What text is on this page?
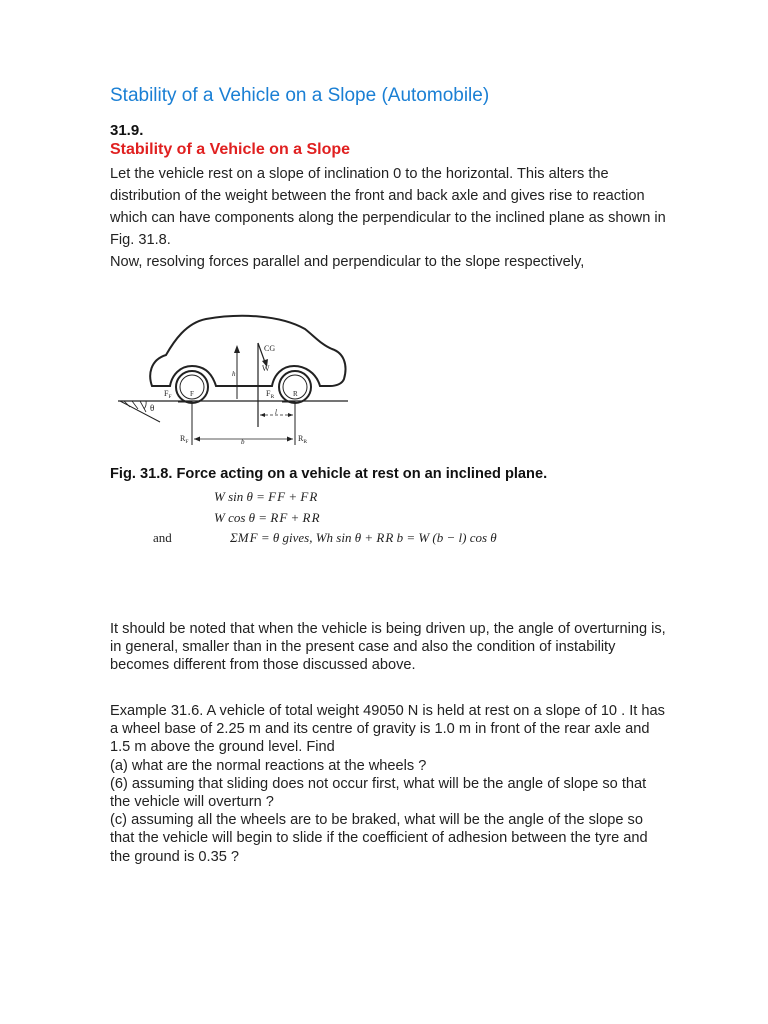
Stability of a Vehicle on a Slope (Automobile)
31.9.
Stability of a Vehicle on a Slope

Let the vehicle rest on a slope of inclination 0 to the horizontal. This alters the distribution of the weight between the front and back axle and gives rise to reaction which can have components along the perpendicular to the inclined plane as shown in Fig. 31.8.

Now, resolving forces parallel and perpendicular to the slope respectively,

CG
W
h
$F_F$	F	$F_R$	R
θ	l
$R_F$	b	$R_R$
Fig. 31.8. Force acting on a vehicle at rest on an inclined plane.
W sin θ = F F + F R
W cos θ = R F + R R
and	ΣM F = θ gives, Wh sin θ + R R b = W (b − l) cos θ

It should be noted that when the vehicle is being driven up, the angle of overturning is, in general, smaller than in the present case and also the condition of instability becomes different from those discussed above.

Example 31.6. A vehicle of total weight 49050 N is held at rest on a slope of 10 . It has a wheel base of 2.25 m and its centre of gravity is 1.0 m in front of the rear axle and 1.5 m above the ground level. Find

(a) what are the normal reactions at the wheels ?

(6) assuming that sliding does not occur first, what will be the angle of slope so that the vehicle will overturn ?

(c) assuming all the wheels are to be braked, what will be the angle of the slope so that the vehicle will begin to slide if the coefficient of adhesion between the tyre and the ground is 0.35 ?
